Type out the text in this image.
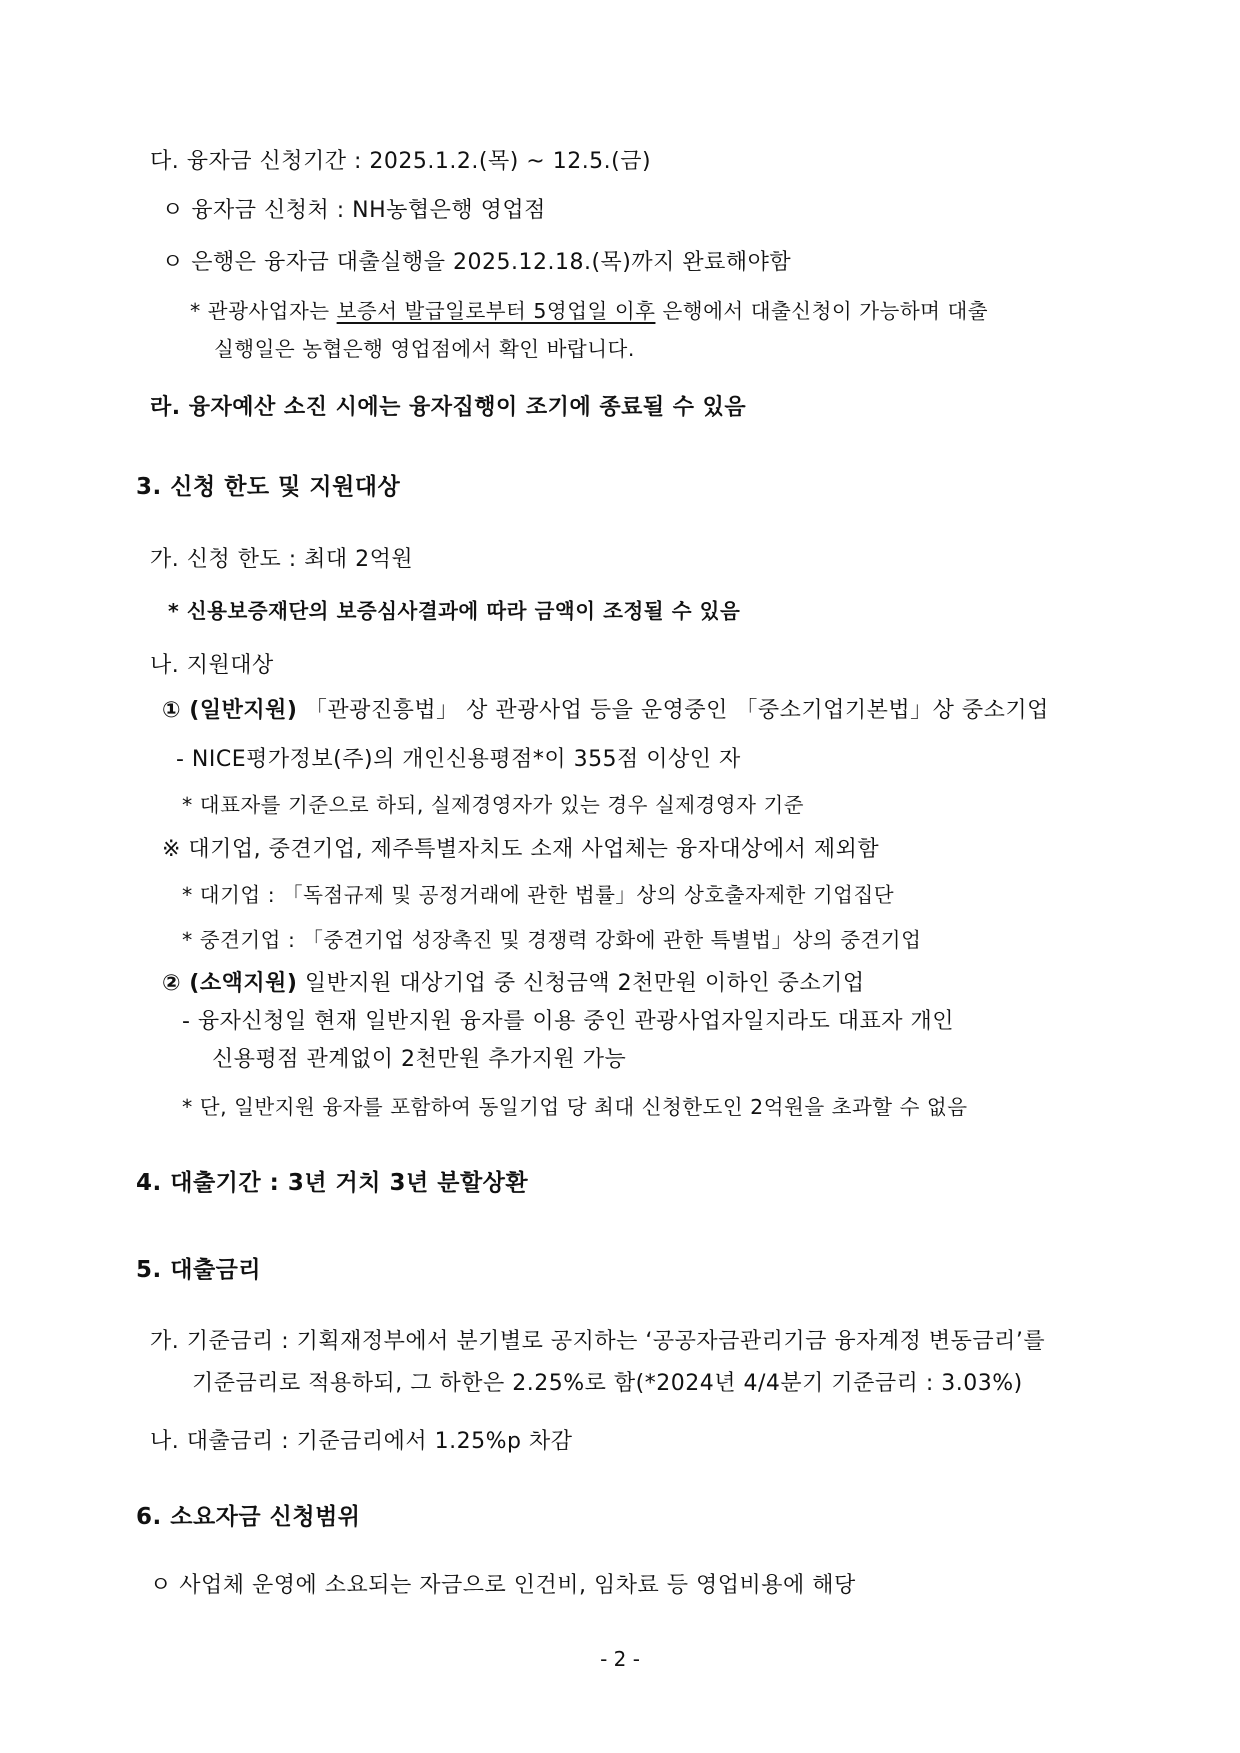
다. 융자금 신청기간 : 2025.1.2.(목) ~ 12.5.(금)
ㅇ 융자금 신청처 : NH농협은행 영업점
ㅇ 은행은 융자금 대출실행을 2025.12.18.(목)까지 완료해야함
* 관광사업자는 보증서 발급일로부터 5영업일 이후 은행에서 대출신청이 가능하며 대출
실행일은 농협은행 영업점에서 확인 바랍니다.
라. 융자예산 소진 시에는 융자집행이 조기에 종료될 수 있음
3. 신청 한도 및 지원대상
가. 신청 한도 : 최대 2억원
* 신용보증재단의 보증심사결과에 따라 금액이 조정될 수 있음
나. 지원대상
① (일반지원) 「관광진흥법」 상 관광사업 등을 운영중인 「중소기업기본법」상 중소기업
- NICE평가정보(주)의 개인신용평점*이 355점 이상인 자
* 대표자를 기준으로 하되, 실제경영자가 있는 경우 실제경영자 기준
※ 대기업, 중견기업, 제주특별자치도 소재 사업체는 융자대상에서 제외함
* 대기업 : 「독점규제 및 공정거래에 관한 법률」상의 상호출자제한 기업집단
* 중견기업 : 「중견기업 성장촉진 및 경쟁력 강화에 관한 특별법」상의 중견기업
② (소액지원) 일반지원 대상기업 중 신청금액 2천만원 이하인 중소기업
- 융자신청일 현재 일반지원 융자를 이용 중인 관광사업자일지라도 대표자 개인
신용평점 관계없이 2천만원 추가지원 가능
* 단, 일반지원 융자를 포함하여 동일기업 당 최대 신청한도인 2억원을 초과할 수 없음
4. 대출기간 : 3년 거치 3년 분할상환
5. 대출금리
가. 기준금리 : 기획재정부에서 분기별로 공지하는 ‘공공자금관리기금 융자계정 변동금리’를
기준금리로 적용하되, 그 하한은 2.25%로 함(*2024년 4/4분기 기준금리 : 3.03%)
나. 대출금리 : 기준금리에서 1.25%p 차감
6. 소요자금 신청범위
ㅇ 사업체 운영에 소요되는 자금으로 인건비, 임차료 등 영업비용에 해당
- 2 -
